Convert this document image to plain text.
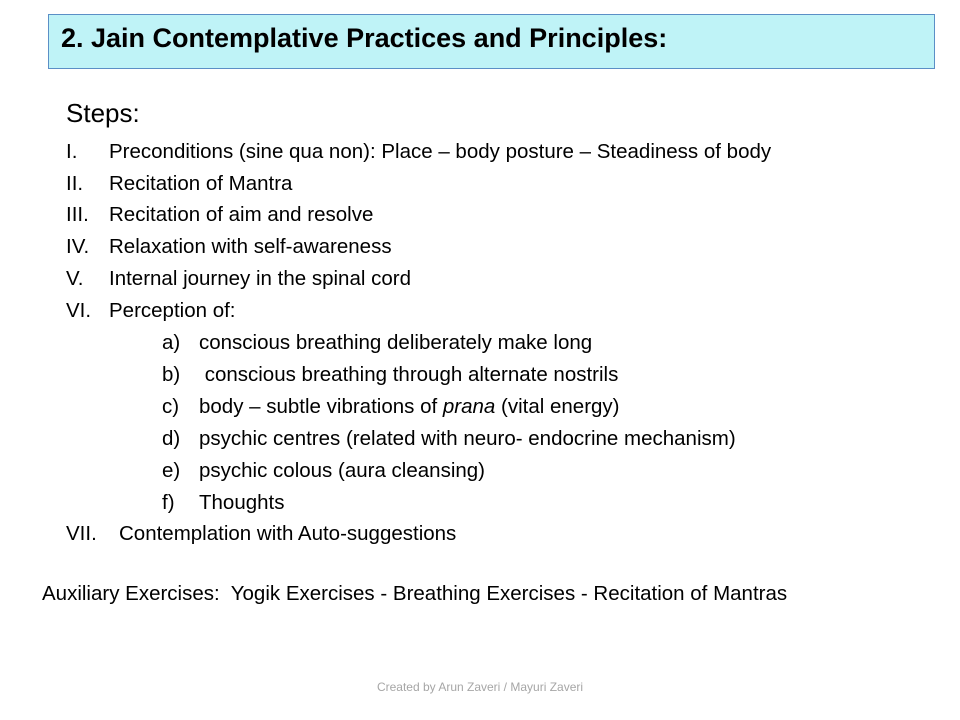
2. Jain Contemplative Practices and Principles:
Steps:
I. Preconditions (sine qua non): Place – body posture – Steadiness of body
II. Recitation of Mantra
III. Recitation of aim and resolve
IV. Relaxation with self-awareness
V. Internal journey in the spinal cord
VI. Perception of:
a) conscious breathing deliberately make long
b) conscious breathing through alternate nostrils
c) body – subtle vibrations of prana (vital energy)
d) psychic centres (related with neuro- endocrine mechanism)
e) psychic colous (aura cleansing)
f) Thoughts
VII. Contemplation with Auto-suggestions
Auxiliary Exercises:  Yogik Exercises - Breathing Exercises - Recitation of Mantras
Created by Arun Zaveri / Mayuri Zaveri
